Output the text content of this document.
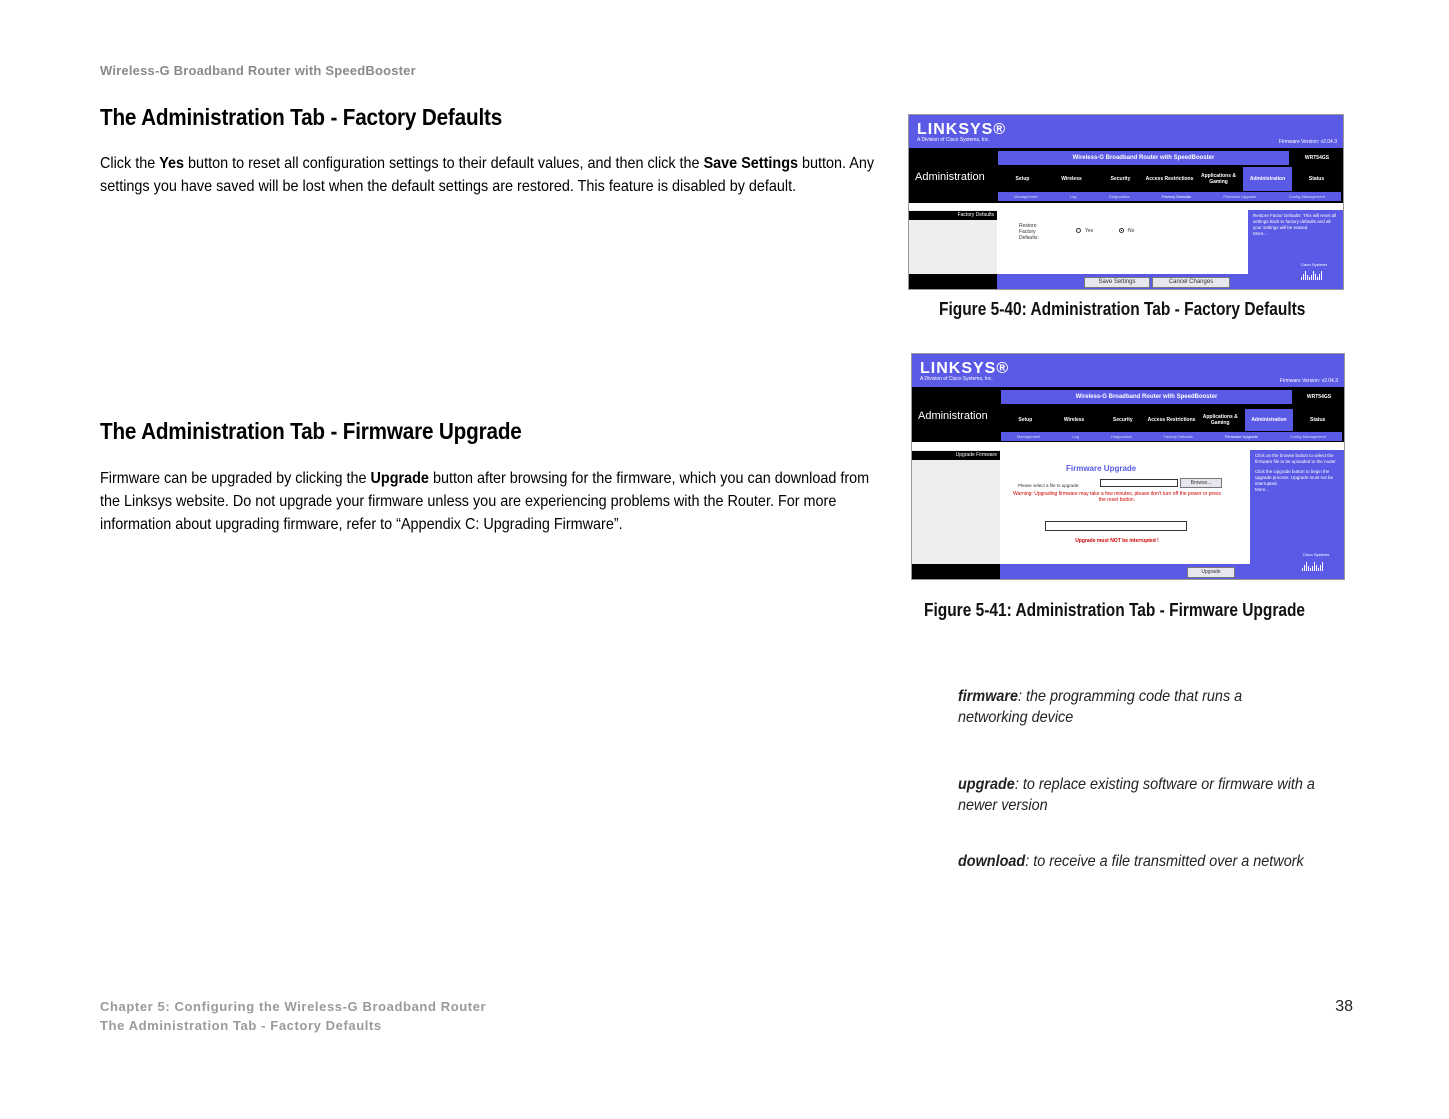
Wireless-G Broadband Router with SpeedBooster
The Administration Tab - Factory Defaults
Click the Yes button to reset all configuration settings to their default values, and then click the Save Settings button. Any settings you have saved will be lost when the default settings are restored. This feature is disabled by default.
The Administration Tab - Firmware Upgrade
Firmware can be upgraded by clicking the Upgrade button after browsing for the firmware, which you can download from the Linksys website. Do not upgrade your firmware unless you are experiencing problems with the Router. For more information about upgrading firmware, refer to “Appendix C: Upgrading Firmware”.
LINKSYS®
A Division of Cisco Systems, Inc.	Firmware Version: v2.04.3
Administration
Wireless-G Broadband Router with SpeedBooster	WRT54GS
Setup	Wireless	Security	Access Restrictions	Applications & Gaming	Administration	Status
Management	Log	Diagnostics	Factory Defaults	Firmware Upgrade	Config Management
Factory Defaults
Restore Factory Defaults:
Yes	No
Restore Factor Defaults: This will reset all settings back to factory defaults and all your settings will be erased.
More...
Cisco Systems
Save Settings	Cancel Changes
Figure 5-40: Administration Tab - Factory Defaults
LINKSYS®
A Division of Cisco Systems, Inc.	Firmware Version: v2.04.3
Administration
Wireless-G Broadband Router with SpeedBooster	WRT54GS
Setup	Wireless	Security	Access Restrictions	Applications & Gaming	Administration	Status
Management	Log	Diagnostics	Factory Defaults	Firmware Upgrade	Config Management
Upgrade Firmware
Firmware Upgrade
Please select a file to upgrade:	Browse...
Warning: Upgrading firmware may take a few minutes, please don't turn off the power or press the reset button.
Upgrade must NOT be interrupted !
Click on the browse button to select the firmware file to be uploaded to the router.
Click the Upgrade button to begin the upgrade process. Upgrade must not be interrupted.
More...
Cisco Systems
Upgrade
Figure 5-41: Administration Tab - Firmware Upgrade
firmware: the programming code that runs a networking device
upgrade: to replace existing software or firmware with a newer version
download: to receive a file transmitted over a network
Chapter 5: Configuring the Wireless-G Broadband Router
The Administration Tab - Factory Defaults
38
